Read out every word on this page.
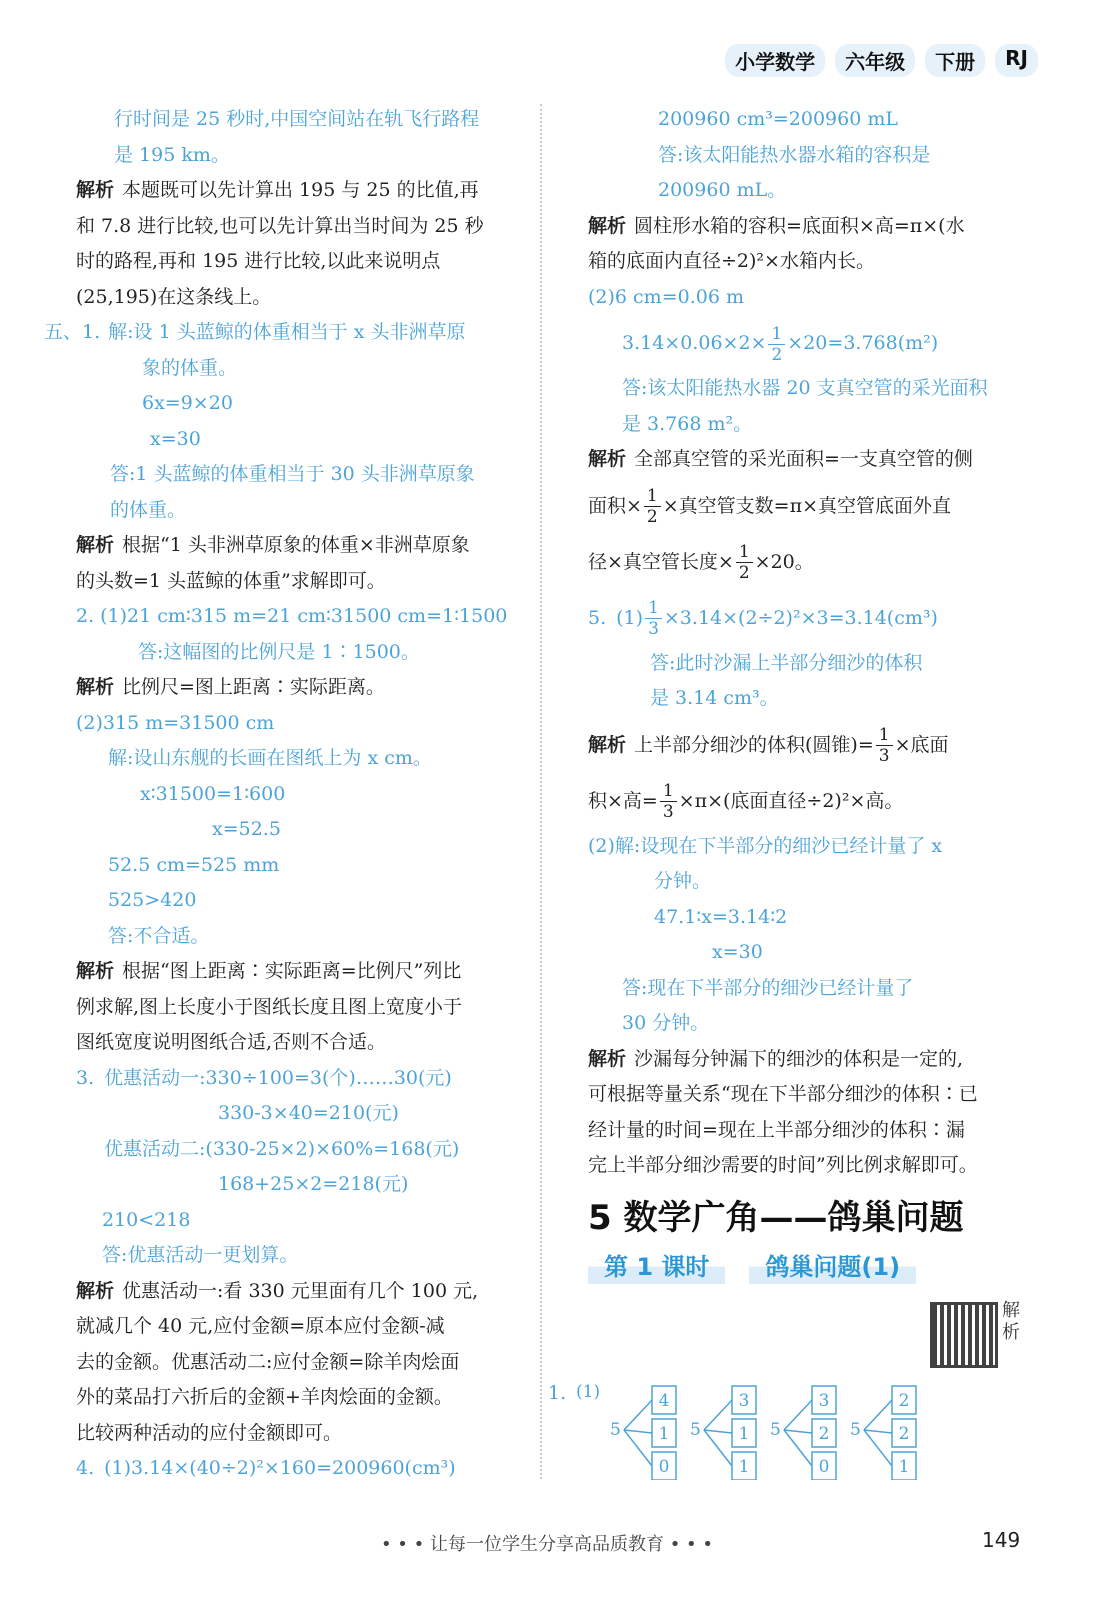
小学数学	六年级	下册	RJ
行时间是 25 秒时,中国空间站在轨飞行路程
是 195 km。
解析 本题既可以先计算出 195 与 25 的比值,再
和 7.8 进行比较,也可以先计算出当时间为 25 秒
时的路程,再和 195 进行比较,以此来说明点
(25,195)在这条线上。
五、1. 解:设 1 头蓝鲸的体重相当于 x 头非洲草原
象的体重。
6x=9×20
x=30
答:1 头蓝鲸的体重相当于 30 头非洲草原象
的体重。
解析 根据“1 头非洲草原象的体重×非洲草原象
的头数=1 头蓝鲸的体重”求解即可。
2. (1)21 cm∶315 m=21 cm∶31500 cm=1∶1500
答:这幅图的比例尺是 1∶1500。
解析 比例尺=图上距离∶实际距离。
(2)315 m=31500 cm
解:设山东舰的长画在图纸上为 x cm。
x∶31500=1∶600
x=52.5
52.5 cm=525 mm
525>420
答:不合适。
解析 根据“图上距离∶实际距离=比例尺”列比
例求解,图上长度小于图纸长度且图上宽度小于
图纸宽度说明图纸合适,否则不合适。
3. 优惠活动一:330÷100=3(个)……30(元)
330-3×40=210(元)
优惠活动二:(330-25×2)×60%=168(元)
168+25×2=218(元)
210<218
答:优惠活动一更划算。
解析 优惠活动一:看 330 元里面有几个 100 元,
就减几个 40 元,应付金额=原本应付金额-减
去的金额。优惠活动二:应付金额=除羊肉烩面
外的菜品打六折后的金额+羊肉烩面的金额。
比较两种活动的应付金额即可。
4. (1)3.14×(40÷2)²×160=200960(cm³)
200960 cm³=200960 mL
答:该太阳能热水器水箱的容积是
200960 mL。
解析 圆柱形水箱的容积=底面积×高=π×(水
箱的底面内直径÷2)²×水箱内长。
(2)6 cm=0.06 m
$3.14\times 0.06\times 2\times \frac{1}{2} \times 20=3.768(m^2)$
答:该太阳能热水器 20 支真空管的采光面积
是 3.768 m²。
解析 全部真空管的采光面积=一支真空管的侧
面积× $\frac{1}{2}$ ×真空管支数=π×真空管底面外直
径×真空管长度× $\frac{1}{2} \times 20$。
5. $(1) \frac{1}{3} \times 3.14\times(2\div 2)^2\times 3=3.14(cm^3)$
答:此时沙漏上半部分细沙的体积
是 3.14 cm³。
解析 上半部分细沙的体积(圆锥)= $\frac{1}{3}$ ×底面
积×高= $\frac{1}{3} \times\pi\times$(底面直径÷2)²×高。
(2)解:设现在下半部分的细沙已经计量了 x
分钟。
47.1∶x=3.14∶2
x=30
答:现在下半部分的细沙已经计量了
30 分钟。
解析 沙漏每分钟漏下的细沙的体积是一定的,
可根据等量关系“现在下半部分细沙的体积∶已
经计量的时间=现在上半部分细沙的体积∶漏
完上半部分细沙需要的时间”列比例求解即可。
5 数学广角——鸽巢问题
第 1 课时	鸽巢问题(1)
解析
1. (1)
5
4
1
0
5
3
1
1
5
3
2
0
5
2
2
1
• • • 让每一位学生分享高品质教育 • • •	149
